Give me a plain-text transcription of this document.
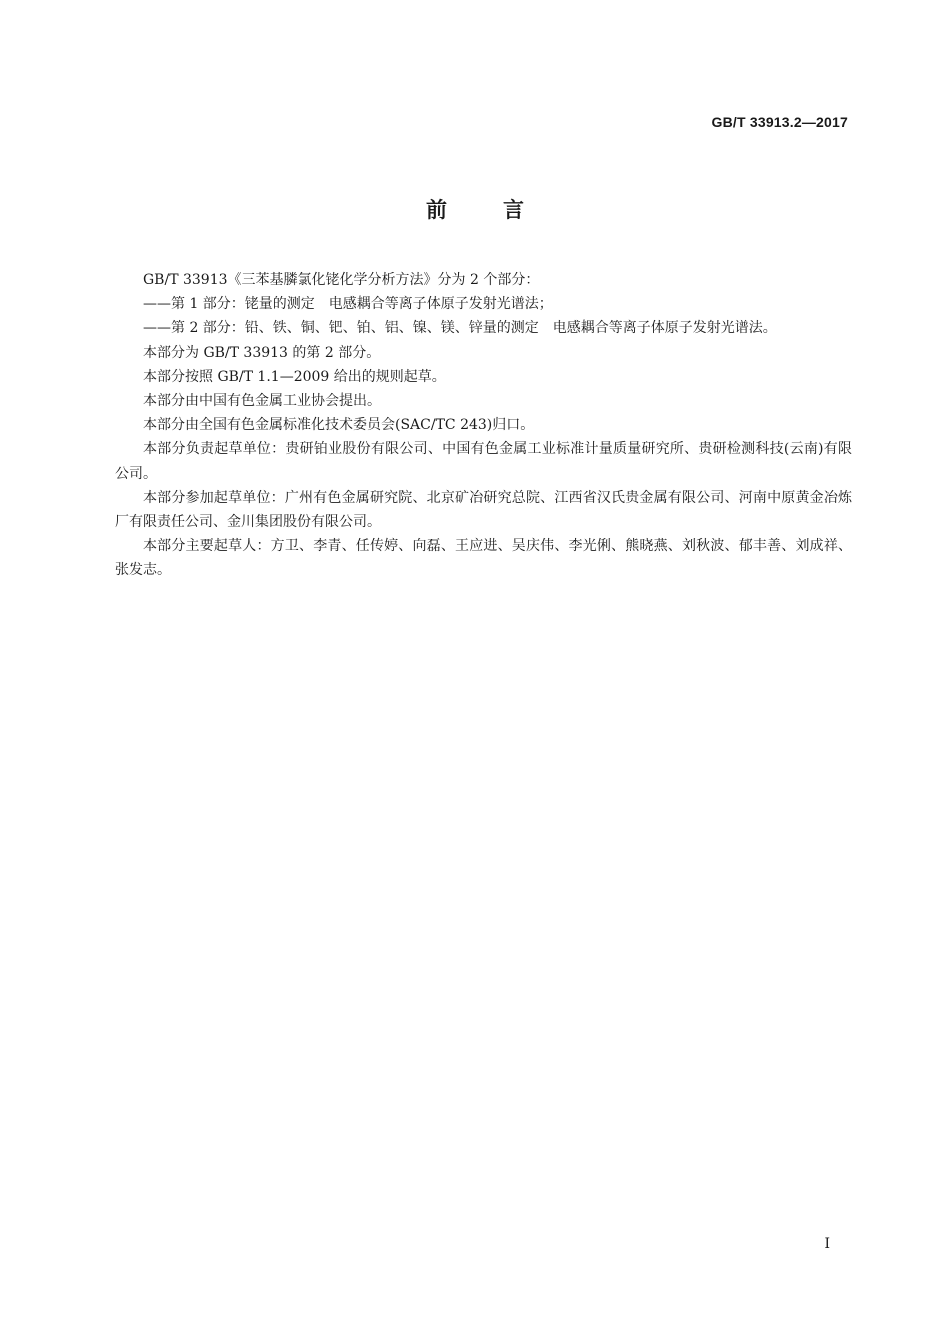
GB/T 33913.2—2017
前	言

GB/T 33913《三苯基膦氯化铑化学分析方法》分为 2 个部分：

——第 1 部分：铑量的测定　电感耦合等离子体原子发射光谱法；

——第 2 部分：铅、铁、铜、钯、铂、铝、镍、镁、锌量的测定　电感耦合等离子体原子发射光谱法。

本部分为 GB/T 33913 的第 2 部分。

本部分按照 GB/T 1.1—2009 给出的规则起草。

本部分由中国有色金属工业协会提出。

本部分由全国有色金属标准化技术委员会(SAC/TC 243)归口。

本部分负责起草单位：贵研铂业股份有限公司、中国有色金属工业标准计量质量研究所、贵研检测科技(云南)有限公司。

本部分参加起草单位：广州有色金属研究院、北京矿冶研究总院、江西省汉氏贵金属有限公司、河南中原黄金冶炼厂有限责任公司、金川集团股份有限公司。

本部分主要起草人：方卫、李青、任传婷、向磊、王应进、吴庆伟、李光俐、熊晓燕、刘秋波、郁丰善、刘成祥、张发志。

I
